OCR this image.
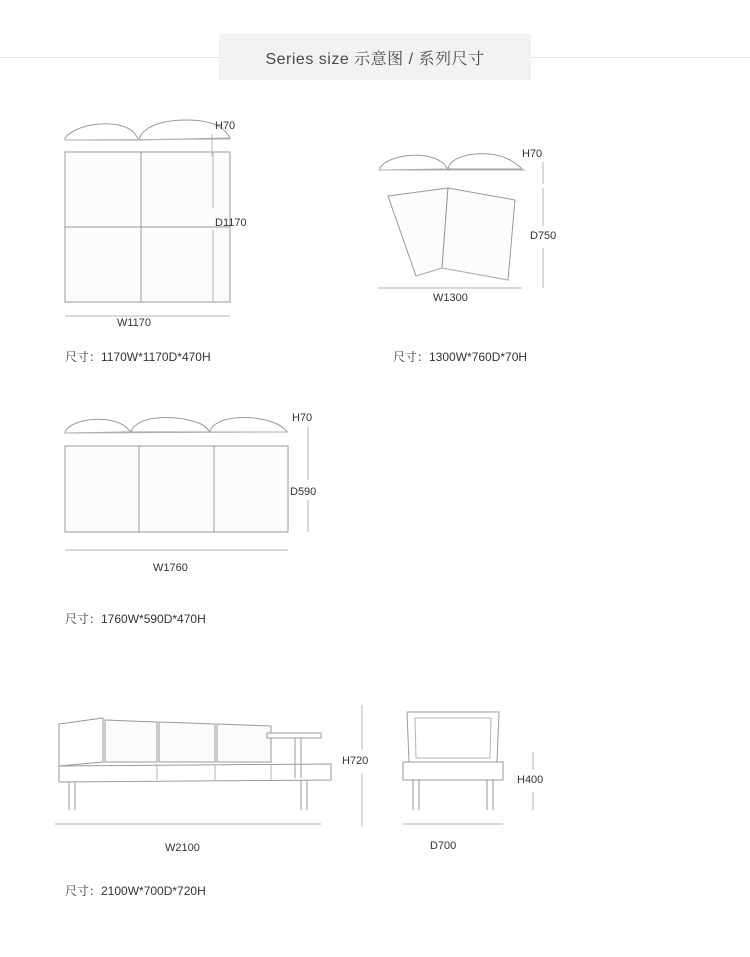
Series size 示意图 / 系列尺寸
H70
D1170
W1170
尺寸：1170W*1170D*470H
H70
D750
W1300
尺寸：1300W*760D*70H
H70
D590
W1760
尺寸：1760W*590D*470H
W2100
H720
D700
H400
尺寸：2100W*700D*720H
